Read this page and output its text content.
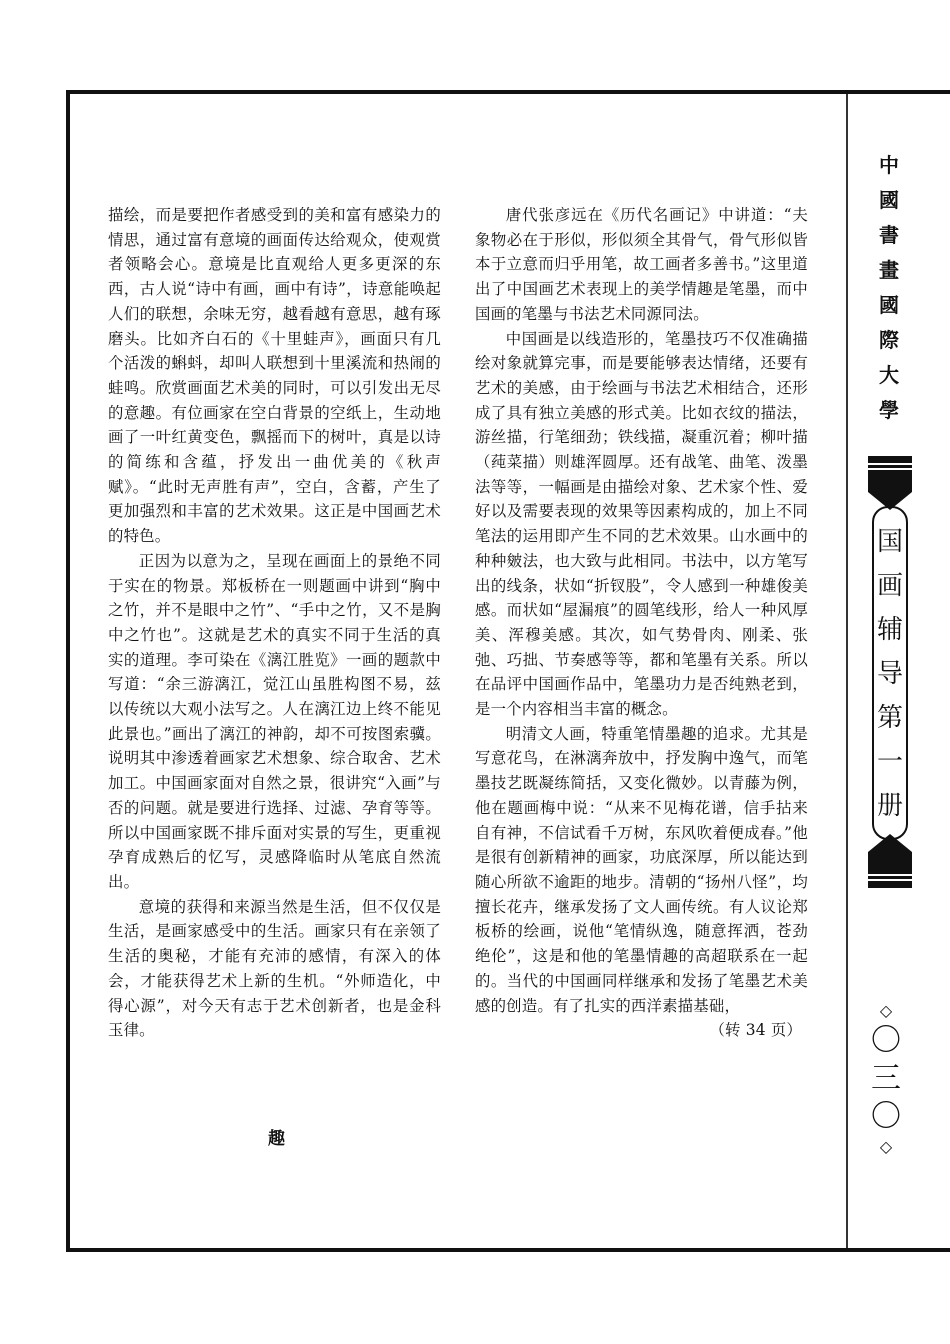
描绘，而是要把作者感受到的美和富有感染力的情思，通过富有意境的画面传达给观众，使观赏者领略会心。意境是比直观给人更多更深的东西，古人说“诗中有画，画中有诗”，诗意能唤起人们的联想，余味无穷，越看越有意思，越有琢磨头。比如齐白石的《十里蛙声》，画面只有几个活泼的蝌蚪，却叫人联想到十里溪流和热闹的蛙鸣。欣赏画面艺术美的同时，可以引发出无尽的意趣。有位画家在空白背景的空纸上，生动地画了一叶红黄变色，飘摇而下的树叶，真是以诗的简练和含蕴，抒发出一曲优美的《秋声赋》。“此时无声胜有声”，空白，含蓄，产生了更加强烈和丰富的艺术效果。这正是中国画艺术的特色。

正因为以意为之，呈现在画面上的景绝不同于实在的物景。郑板桥在一则题画中讲到“胸中之竹，并不是眼中之竹”、“手中之竹，又不是胸中之竹也”。这就是艺术的真实不同于生活的真实的道理。李可染在《漓江胜览》一画的题款中写道：“余三游漓江，觉江山虽胜构图不易，兹以传统以大观小法写之。人在漓江边上终不能见此景也。”画出了漓江的神韵，却不可按图索骥。说明其中渗透着画家艺术想象、综合取舍、艺术加工。中国画家面对自然之景，很讲究“入画”与否的问题。就是要进行选择、过滤、孕育等等。所以中国画家既不排斥面对实景的写生，更重视孕育成熟后的忆写，灵感降临时从笔底自然流出。

意境的获得和来源当然是生活，但不仅仅是生活，是画家感受中的生活。画家只有在亲领了生活的奥秘，才能有充沛的感情，有深入的体会，才能获得艺术上新的生机。“外师造化，中得心源”，对今天有志于艺术创新者，也是金科玉律。

趣

唐代张彦远在《历代名画记》中讲道：“夫象物必在于形似，形似须全其骨气，骨气形似皆本于立意而归乎用笔，故工画者多善书。”这里道出了中国画艺术表现上的美学情趣是笔墨，而中国画的笔墨与书法艺术同源同法。

中国画是以线造形的，笔墨技巧不仅准确描绘对象就算完事，而是要能够表达情绪，还要有艺术的美感，由于绘画与书法艺术相结合，还形成了具有独立美感的形式美。比如衣纹的描法，游丝描，行笔细劲；铁线描，凝重沉着；柳叶描（莼菜描）则雄浑圆厚。还有战笔、曲笔、泼墨法等等，一幅画是由描绘对象、艺术家个性、爱好以及需要表现的效果等因素构成的，加上不同笔法的运用即产生不同的艺术效果。山水画中的种种皴法，也大致与此相同。书法中，以方笔写出的线条，状如“折钗股”，令人感到一种雄俊美感。而状如“屋漏痕”的圆笔线形，给人一种风厚美、浑穆美感。其次，如气势骨肉、刚柔、张弛、巧拙、节奏感等等，都和笔墨有关系。所以在品评中国画作品中，笔墨功力是否纯熟老到，是一个内容相当丰富的概念。

明清文人画，特重笔情墨趣的追求。尤其是写意花鸟，在淋漓奔放中，抒发胸中逸气，而笔墨技艺既凝练简括，又变化微妙。以青藤为例，他在题画梅中说：“从来不见梅花谱，信手拈来自有神，不信试看千万树，东风吹着便成春。”他是很有创新精神的画家，功底深厚，所以能达到随心所欲不逾距的地步。清朝的“扬州八怪”，均擅长花卉，继承发扬了文人画传统。有人议论郑板桥的绘画，说他“笔情纵逸，随意挥洒，苍劲绝伦”，这是和他的笔墨情趣的高超联系在一起的。当代的中国画同样继承和发扬了笔墨艺术美感的创造。有了扎实的西洋素描基础，

（转 34 页）

中
國
書
畫
國
際
大
學
国
画
辅
导
第
一
册
◇
〇
三
〇
◇
